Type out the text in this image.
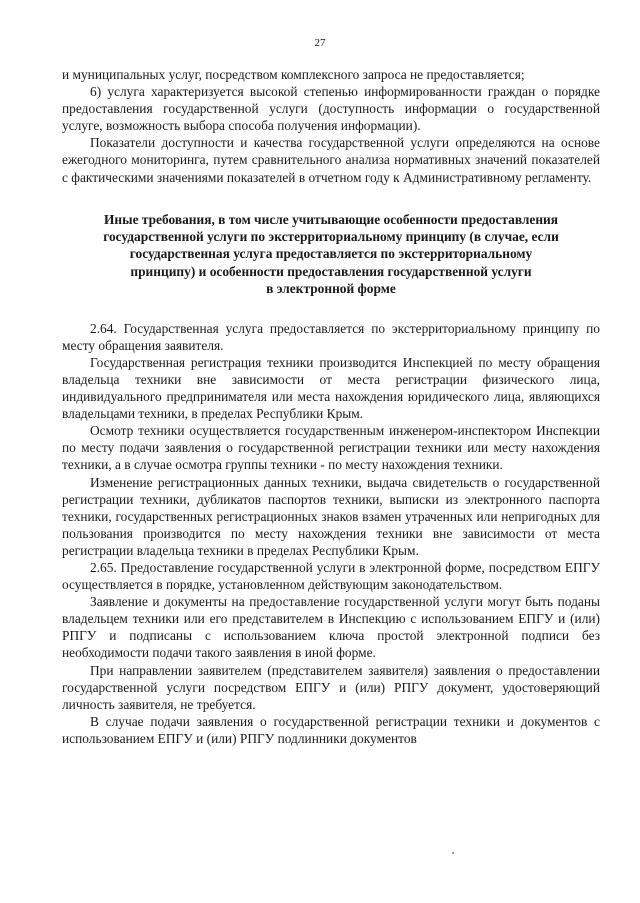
27

и муниципальных услуг, посредством комплексного запроса не предоставляется;

6) услуга характеризуется высокой степенью информированности граждан о порядке предоставления государственной услуги (доступность информации о государственной услуге, возможность выбора способа получения информации).

Показатели доступности и качества государственной услуги определяются на основе ежегодного мониторинга, путем сравнительного анализа нормативных значений показателей с фактическими значениями показателей в отчетном году к Административному регламенту.

Иные требования, в том числе учитывающие особенности предоставления
государственной услуги по экстерриториальному принципу (в случае, если
государственная услуга предоставляется по экстерриториальному
принципу) и особенности предоставления государственной услуги
в электронной форме

2.64. Государственная услуга предоставляется по экстерриториальному принципу по месту обращения заявителя.

Государственная регистрация техники производится Инспекцией по месту обращения владельца техники вне зависимости от места регистрации физического лица, индивидуального предпринимателя или места нахождения юридического лица, являющихся владельцами техники, в пределах Республики Крым.

Осмотр техники осуществляется государственным инженером-инспектором Инспекции по месту подачи заявления о государственной регистрации техники или месту нахождения техники, а в случае осмотра группы техники - по месту нахождения техники.

Изменение регистрационных данных техники, выдача свидетельств о государственной регистрации техники, дубликатов паспортов техники, выписки из электронного паспорта техники, государственных регистрационных знаков взамен утраченных или непригодных для пользования производится по месту нахождения техники вне зависимости от места регистрации владельца техники в пределах Республики Крым.

2.65. Предоставление государственной услуги в электронной форме, посредством ЕПГУ осуществляется в порядке, установленном действующим законодательством.

Заявление и документы на предоставление государственной услуги могут быть поданы владельцем техники или его представителем в Инспекцию с использованием ЕПГУ и (или) РПГУ и подписаны с использованием ключа простой электронной подписи без необходимости подачи такого заявления в иной форме.

При направлении заявителем (представителем заявителя) заявления о предоставлении государственной услуги посредством ЕПГУ и (или) РПГУ документ, удостоверяющий личность заявителя, не требуется.

В случае подачи заявления о государственной регистрации техники и документов с использованием ЕПГУ и (или) РПГУ подлинники документов
